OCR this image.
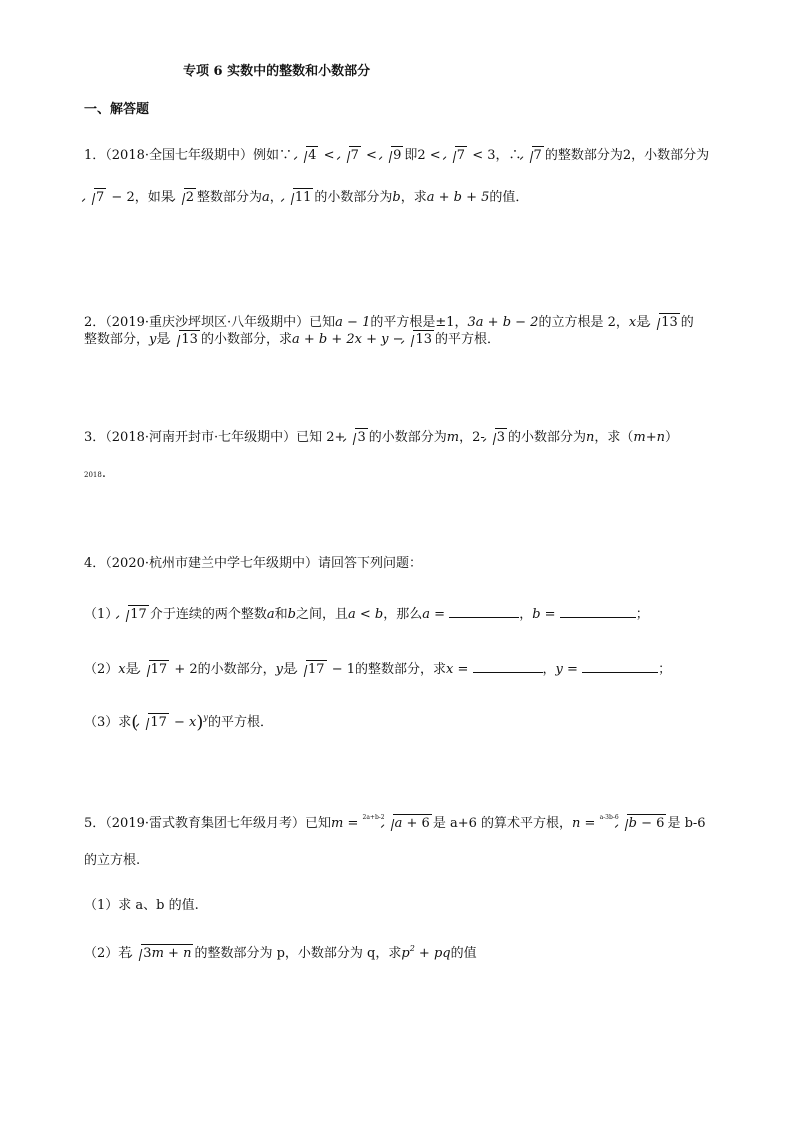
专项 6 实数中的整数和小数部分
一、解答题
1．（2018·全国七年级期中）例如∵ 4 < 7 < 9 即2 < 7 < 3，∴ 7 的整数部分为2，小数部分为
7 − 2，如果 2 整数部分为a， 11 的小数部分为b，求a + b + 5的值．
2．（2019·重庆沙坪坝区·八年级期中）已知a − 1的平方根是±1，3a + b − 2的立方根是 2，x是 13 的
整数部分，y是 13 的小数部分，求a + b + 2x + y − 13 的平方根．
3．（2018·河南开封市·七年级期中）已知 2+ 3 的小数部分为m，2- 3 的小数部分为n，求（m+n）
2018.
4．（2020·杭州市建兰中学七年级期中）请回答下列问题：
（1） 17 介于连续的两个整数a和b之间，且a < b，那么a =	，b =	；
（2）x是 17 + 2的小数部分，y是 17 − 1的整数部分，求x =	，y =	；
（3）求( 17 − x)$^y$的平方根．
5．（2019·雷式教育集团七年级月考）已知m = $^{2a+b-2}$ a + 6 是 a+6 的算术平方根，n = $^{a-3b-6}$ b − 6 是 b-6
的立方根.
（1）求 a、b 的值.
（2）若 3m + n 的整数部分为 p，小数部分为 q，求$p^2$ + pq的值
